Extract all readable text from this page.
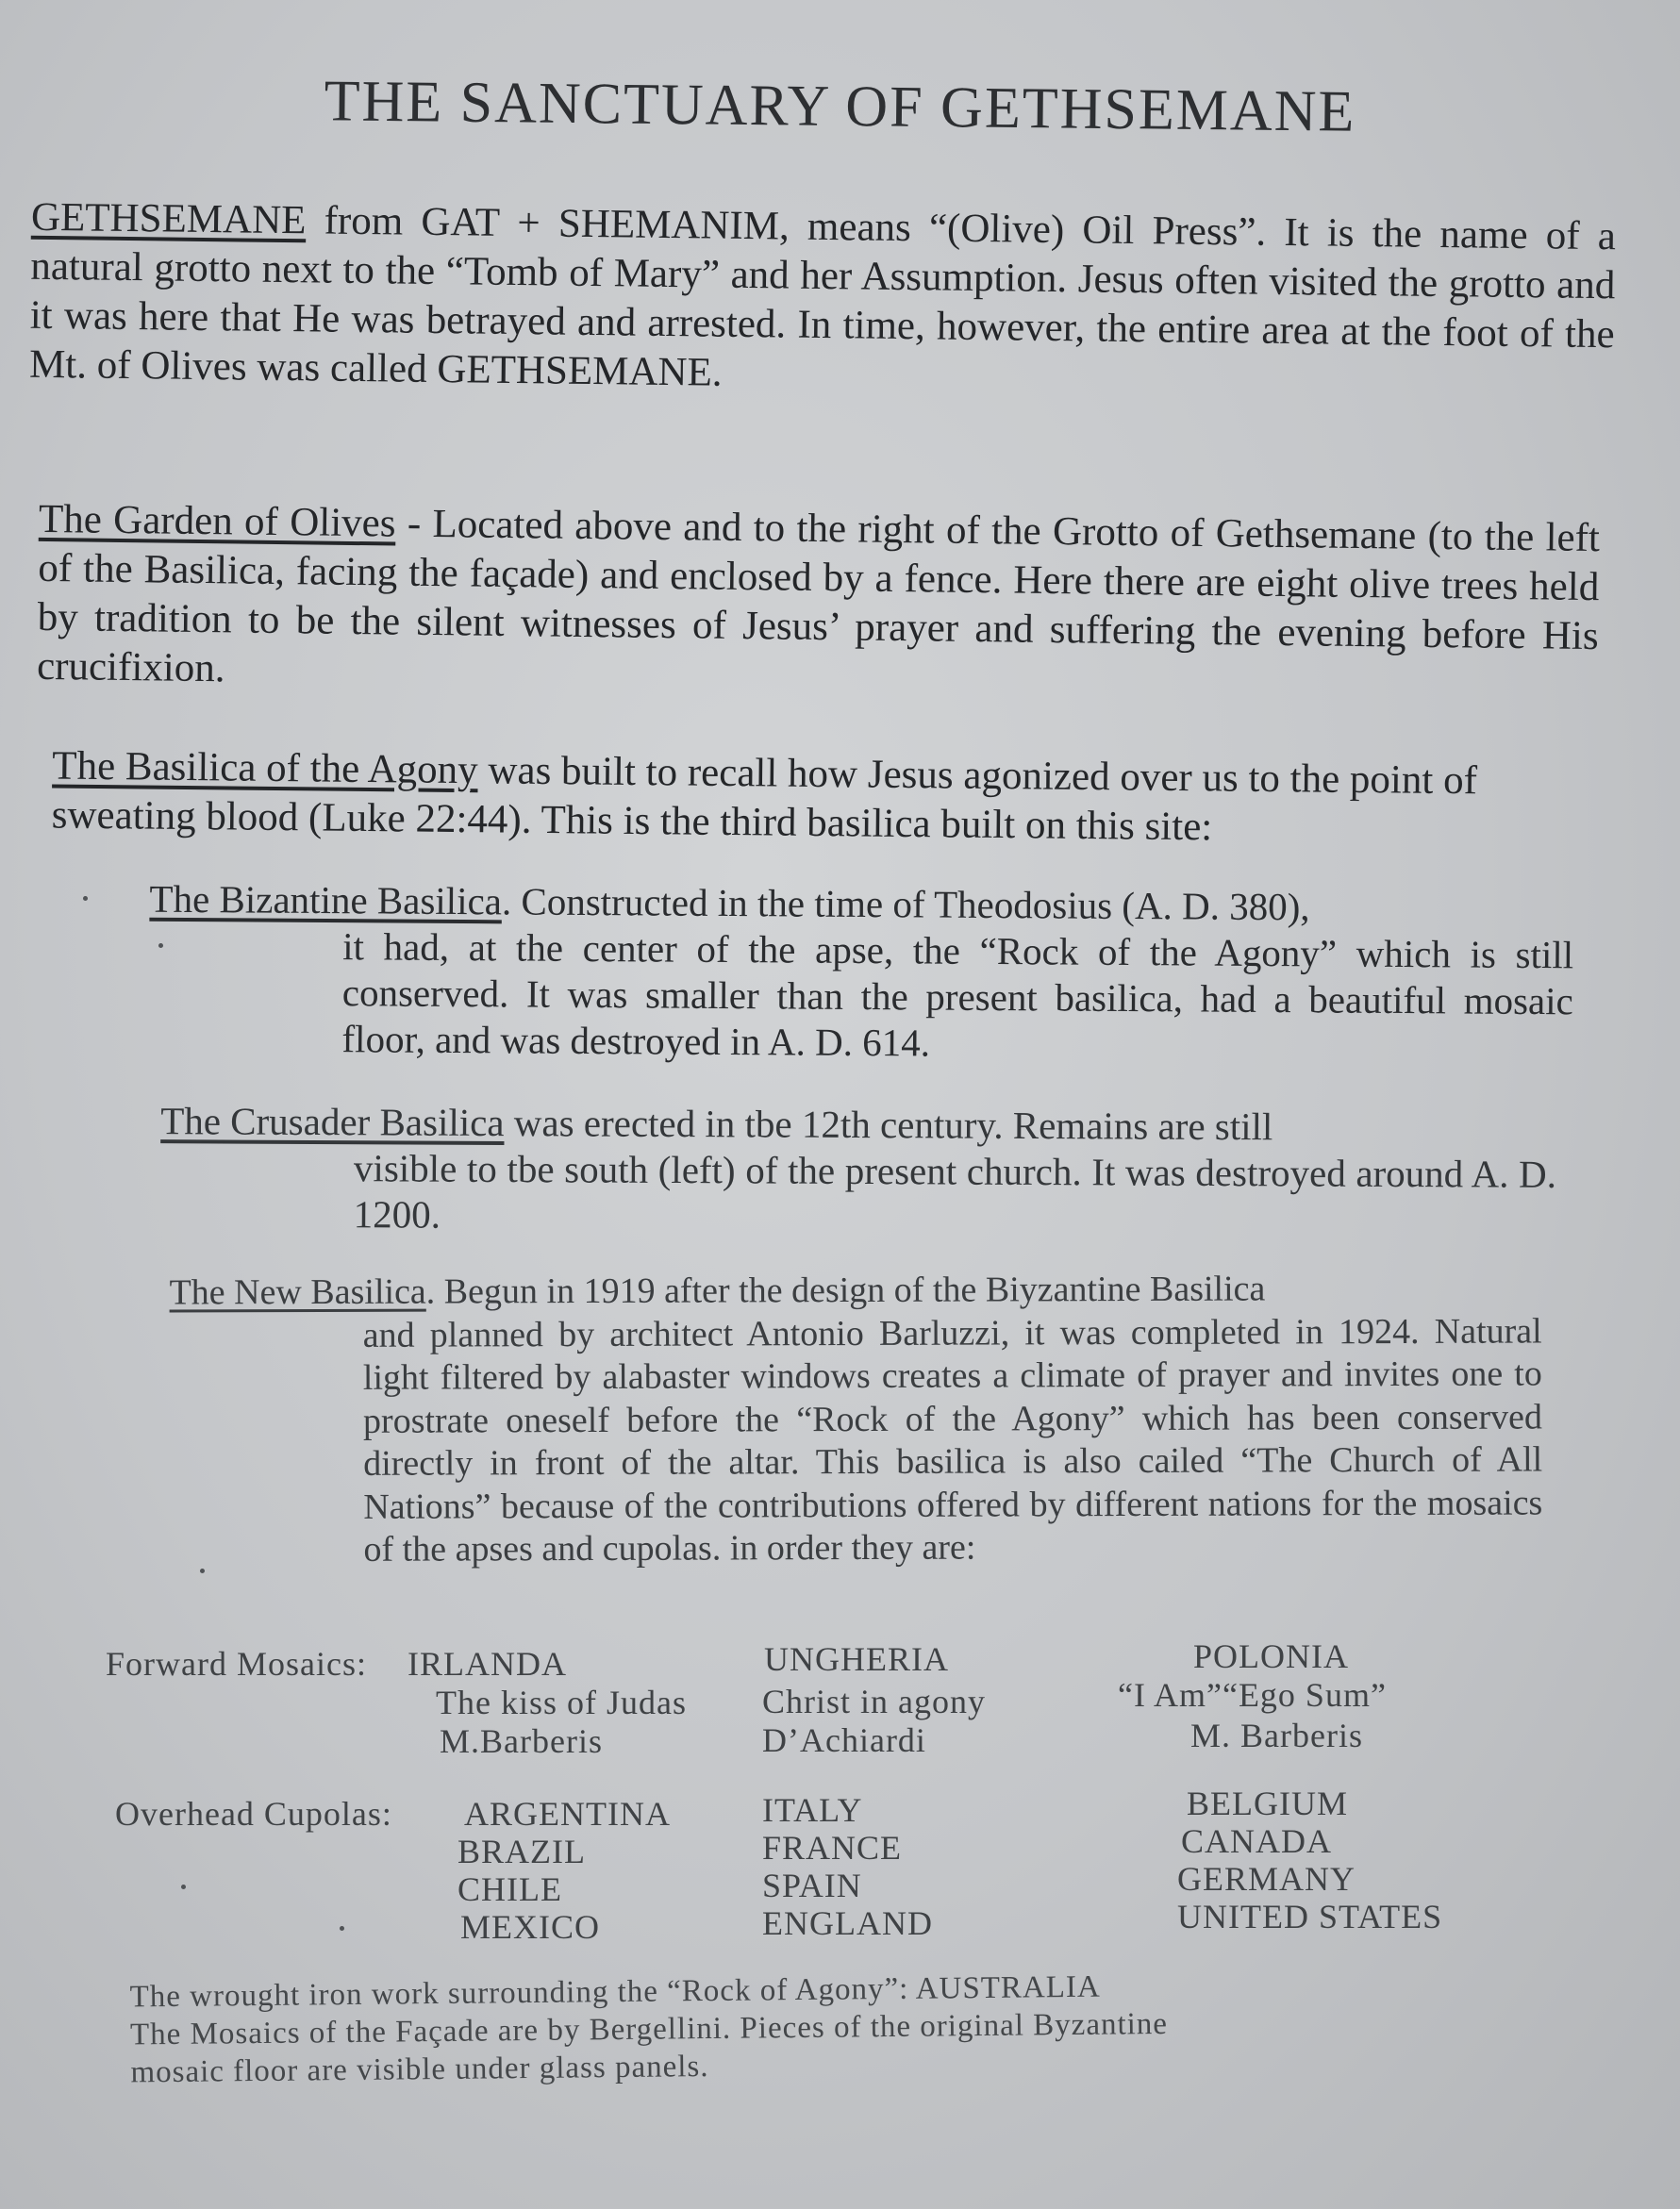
THE SANCTUARY OF GETHSEMANE
GETHSEMANE from GAT + SHEMANIM, means “(Olive) Oil Press”. It is the name of a natural grotto next to the “Tomb of Mary” and her Assumption. Jesus often visited the grotto and it was here that He was betrayed and arrested. In time, however, the entire area at the foot of the Mt. of Olives was called GETHSEMANE.
The Garden of Olives - Located above and to the right of the Grotto of Gethsemane (to the left of the Basilica, facing the façade) and enclosed by a fence. Here there are eight olive trees held by tradition to be the silent witnesses of Jesus’ prayer and suffering the evening before His crucifixion.
The Basilica of the Agony was built to recall how Jesus agonized over us to the point of sweating blood (Luke 22:44). This is the third basilica built on this site:
The Bizantine Basilica. Constructed in the time of Theodosius (A. D. 380),
it had, at the center of the apse, the “Rock of the Agony” which is still conserved. It was smaller than the present basilica, had a beautiful mosaic floor, and was destroyed in A. D. 614.
The Crusader Basilica was erected in tbe 12th century. Remains are still
visible to tbe south (left) of the present church. It was destroyed around A. D. 1200.
The New Basilica. Begun in 1919 after the design of the Biyzantine Basilica
and planned by architect Antonio Barluzzi, it was completed in 1924. Natural light filtered by alabaster windows creates a climate of prayer and invites one to prostrate oneself before the “Rock of the Agony” which has been conserved directly in front of the altar. This basilica is also cailed “The Church of All Nations” because of the contributions offered by different nations for the mosaics of the apses and cupolas. in order they are:
Forward Mosaics: IRLANDA
The kiss of Judas
M.Barberis
UNGHERIA
Christ in agony
D’Achiardi
POLONIA
“I Am”“Ego Sum”
M. Barberis
Overhead Cupolas: ARGENTINA
BRAZIL
CHILE
MEXICO
ITALY
FRANCE
SPAIN
ENGLAND
BELGIUM
CANADA
GERMANY
UNITED STATES
The wrought iron work surrounding the “Rock of Agony”: AUSTRALIA
The Mosaics of the Façade are by Bergellini. Pieces of the original Byzantine
mosaic floor are visible under glass panels.
